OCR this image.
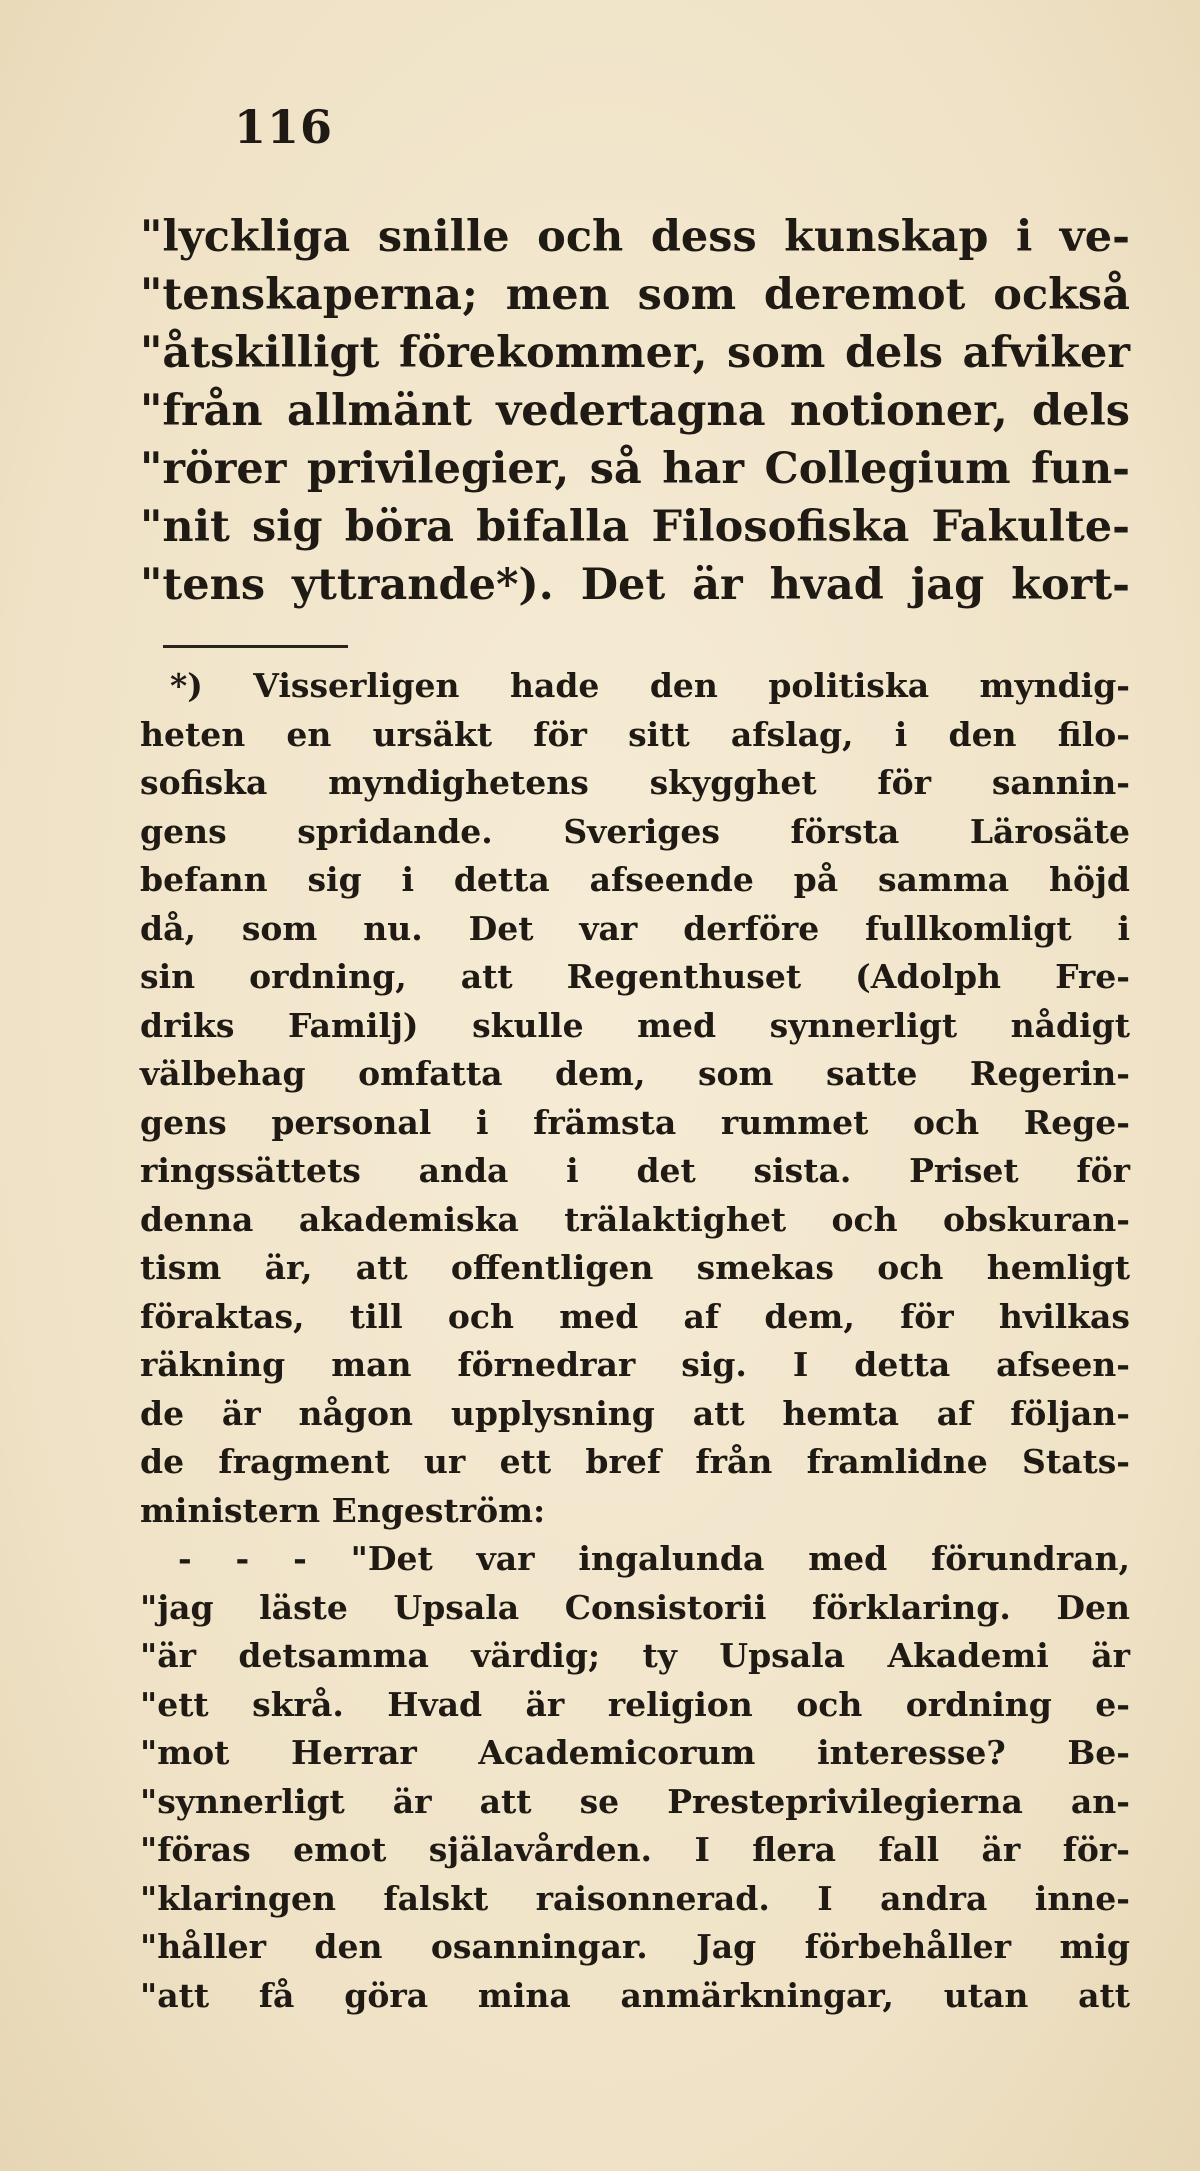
116
"lyckliga snille och dess kunskap i ve-
"tenskaperna; men som deremot också
"åtskilligt förekommer, som dels afviker
"från allmänt vedertagna notioner, dels
"rörer privilegier, så har Collegium fun-
"nit sig böra bifalla Filosofiska Fakulte-
"tens yttrande*). Det är hvad jag kort-
*) Visserligen hade den politiska myndig-
heten en ursäkt för sitt afslag, i den filo-
sofiska myndighetens skygghet för sannin-
gens spridande. Sveriges första Lärosäte
befann sig i detta afseende på samma höjd
då, som nu. Det var derföre fullkomligt i
sin ordning, att Regenthuset (Adolph Fre-
driks Familj) skulle med synnerligt nådigt
välbehag omfatta dem, som satte Regerin-
gens personal i främsta rummet och Rege-
ringssättets anda i det sista. Priset för
denna akademiska trälaktighet och obskuran-
tism är, att offentligen smekas och hemligt
föraktas, till och med af dem, för hvilkas
räkning man förnedrar sig. I detta afseen-
de är någon upplysning att hemta af följan-
de fragment ur ett bref från framlidne Stats-
ministern Engeström:
- - - "Det var ingalunda med förundran,
"jag läste Upsala Consistorii förklaring. Den
"är detsamma värdig; ty Upsala Akademi är
"ett skrå. Hvad är religion och ordning e-
"mot Herrar Academicorum interesse? Be-
"synnerligt är att se Presteprivilegierna an-
"föras emot själavården. I flera fall är för-
"klaringen falskt raisonnerad. I andra inne-
"håller den osanningar. Jag förbehåller mig
"att få göra mina anmärkningar, utan att
